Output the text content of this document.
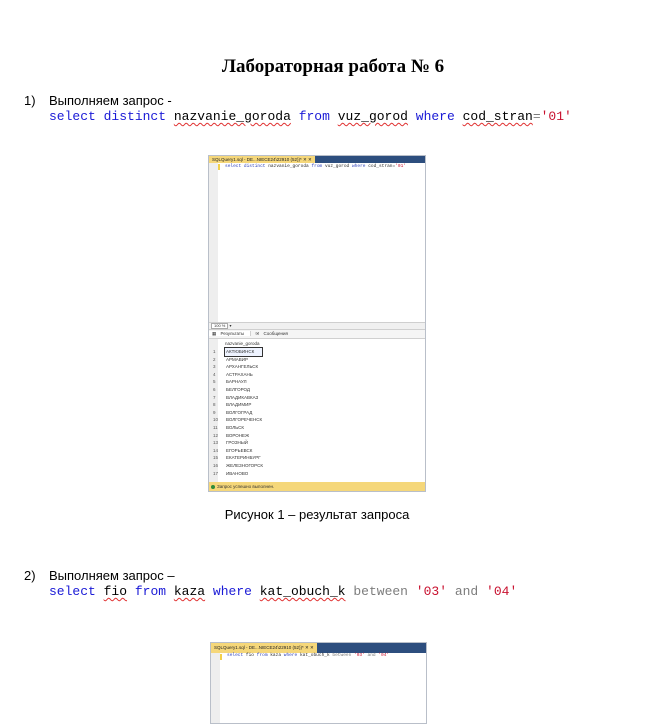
Лабораторная работа № 6
1) Выполняем запрос -
select distinct nazvanie_goroda from vuz_gorod where cod_stran='01'
SQLQuery1.sql - DE...NIECE24\22910 (52))* ✕ ✕
select distinct nazvanie_goroda from vuz_gorod where cod_stran='01'
100 % ▾
▦ Результаты	✉ Сообщения
nazvanie_goroda
1	АКТЮБИНСК
2	АРМАВИР
3	АРХАНГЕЛЬСК
4	АСТРАХАНЬ
5	БАРНАУЛ
6	БЕЛГОРОД
7	ВЛАДИКАВКАЗ
8	ВЛАДИМИР
9	ВОЛГОГРАД
10	ВОЛГОРЕЧЕНСК
11	ВОЛЬСК
12	ВОРОНЕЖ
13	ГРОЗНЫЙ
14	ЕГОРЬЕВСК
15	ЕКАТЕРИНБУРГ
16	ЖЕЛЕЗНОГОРСК
17	ИВАНОВО
Запрос успешно выполнен.
Рисунок 1 – результат запроса
2) Выполняем запрос –
select fio from kaza where kat_obuch_k between '03' and '04'
SQLQuery1.sql - DE...NIECE24\22910 (52))* ✕ ✕
select fio from kaza where kat_obuch_k between '03' and '04'
